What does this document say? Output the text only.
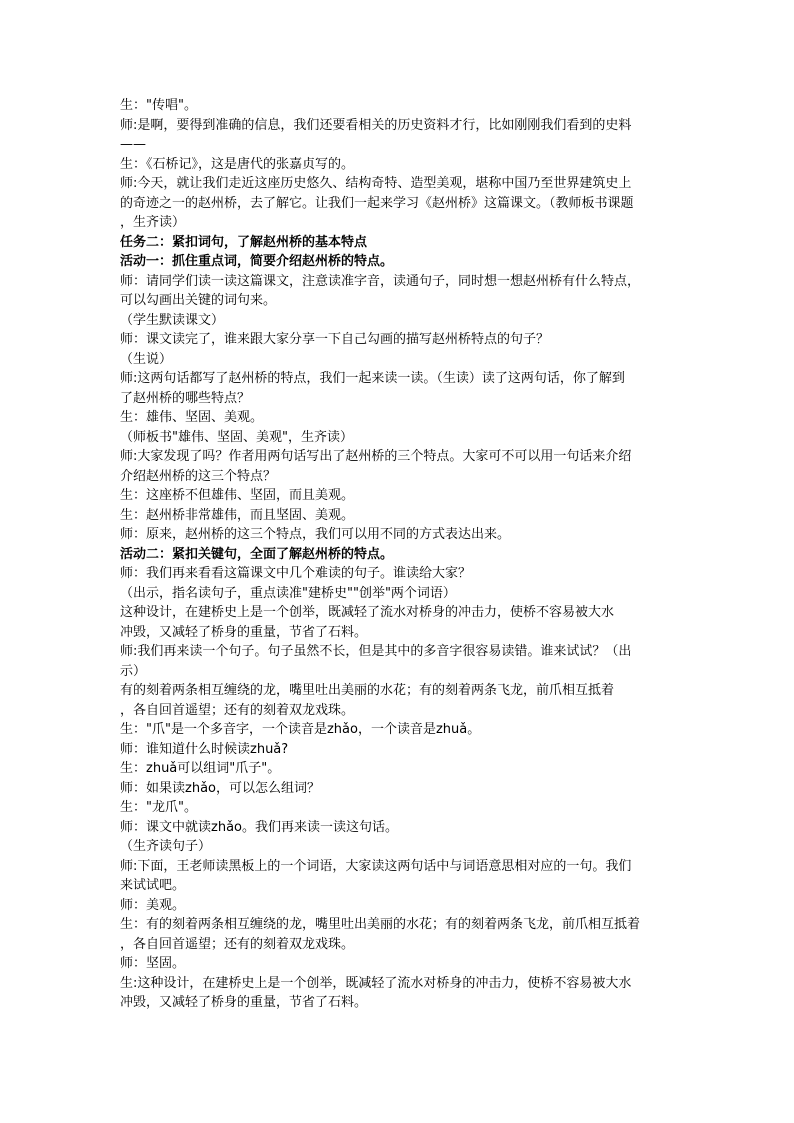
生："传唱"。
师:是啊，要得到准确的信息，我们还要看相关的历史资料才行，比如刚刚我们看到的史料
——
生：《石桥记》，这是唐代的张嘉贞写的。
师:今天，就让我们走近这座历史悠久、结构奇特、造型美观，堪称中国乃至世界建筑史上
的奇迹之一的赵州桥，去了解它。让我们一起来学习《赵州桥》这篇课文。（教师板书课题
，生齐读）
任务二：紧扣词句，了解赵州桥的基本特点
活动一：抓住重点词，简要介绍赵州桥的特点。
师：请同学们读一读这篇课文，注意读准字音，读通句子，同时想一想赵州桥有什么特点，
可以勾画出关键的词句来。
（学生默读课文）
师：课文读完了，谁来跟大家分享一下自己勾画的描写赵州桥特点的句子？
（生说）
师:这两句话都写了赵州桥的特点，我们一起来读一读。（生读）读了这两句话，你了解到
了赵州桥的哪些特点？
生：雄伟、坚固、美观。
（师板书"雄伟、坚固、美观"，生齐读）
师:大家发现了吗？作者用两句话写出了赵州桥的三个特点。大家可不可以用一句话来介绍
介绍赵州桥的这三个特点？
生：这座桥不但雄伟、坚固，而且美观。
生：赵州桥非常雄伟，而且坚固、美观。
师：原来，赵州桥的这三个特点，我们可以用不同的方式表达出来。
活动二：紧扣关键句，全面了解赵州桥的特点。
师：我们再来看看这篇课文中几个难读的句子。谁读给大家？
（出示，指名读句子，重点读准"建桥史""创举"两个词语）
这种设计，在建桥史上是一个创举，既减轻了流水对桥身的冲击力，使桥不容易被大水
冲毁，又减轻了桥身的重量，节省了石料。
师:我们再来读一个句子。句子虽然不长，但是其中的多音字很容易读错。谁来试试？（出
示）
有的刻着两条相互缠绕的龙，嘴里吐出美丽的水花；有的刻着两条飞龙，前爪相互抵着
，各自回首遥望；还有的刻着双龙戏珠。
生："爪"是一个多音字，一个读音是zhǎo，一个读音是zhuǎ。
师：谁知道什么时候读zhuǎ?
生：zhuǎ可以组词"爪子"。
师：如果读zhǎo，可以怎么组词？
生："龙爪"。
师：课文中就读zhǎo。我们再来读一读这句话。
（生齐读句子）
师:下面，王老师读黑板上的一个词语，大家读这两句话中与词语意思相对应的一句。我们
来试试吧。
师：美观。
生：有的刻着两条相互缠绕的龙，嘴里吐出美丽的水花；有的刻着两条飞龙，前爪相互抵着
，各自回首遥望；还有的刻着双龙戏珠。
师：坚固。
生:这种设计，在建桥史上是一个创举，既减轻了流水对桥身的冲击力，使桥不容易被大水
冲毁，又减轻了桥身的重量，节省了石料。
